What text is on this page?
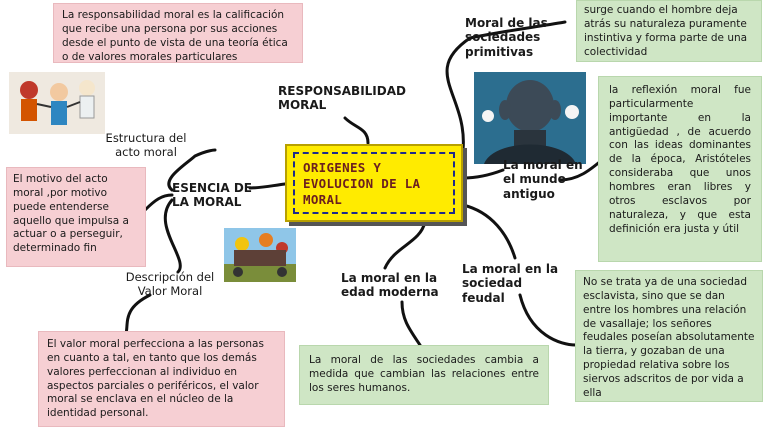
ORIGENES Y EVOLUCION DE LA MORAL
RESPONSABILIDAD MORAL
Moral de las sociedades primitivas
La moral en el mundo antiguo
La moral en la sociedad feudal
La moral en la edad moderna
ESENCIA DE LA MORAL
Estructura del acto moral
Descripción del Valor Moral
La responsabilidad moral es la calificación que recibe una persona por sus acciones desde el punto de vista de una teoría ética o de valores morales particulares
surge cuando el hombre deja atrás su naturaleza puramente instintiva y forma parte de una colectividad
la reflexión moral fue particularmente importante en la antigüedad , de acuerdo con las ideas dominantes de la época, Aristóteles consideraba que unos hombres eran libres y otros esclavos por naturaleza, y que esta definición era justa y útil
No se trata ya de una sociedad esclavista, sino que se dan entre los hombres una relación de vasallaje; los señores feudales poseían absolutamente la tierra, y gozaban de una propiedad relativa sobre los siervos adscritos de por vida a ella
La moral de las sociedades cambia a medida que cambian las relaciones entre los seres humanos.
El motivo del acto moral ,por motivo puede entenderse aquello que impulsa a actuar o a perseguir, determinado fin
El valor moral perfecciona a las personas en cuanto a tal, en tanto que los demás valores perfeccionan al individuo en aspectos parciales o periféricos, el valor moral se enclava en el núcleo de la identidad personal.
